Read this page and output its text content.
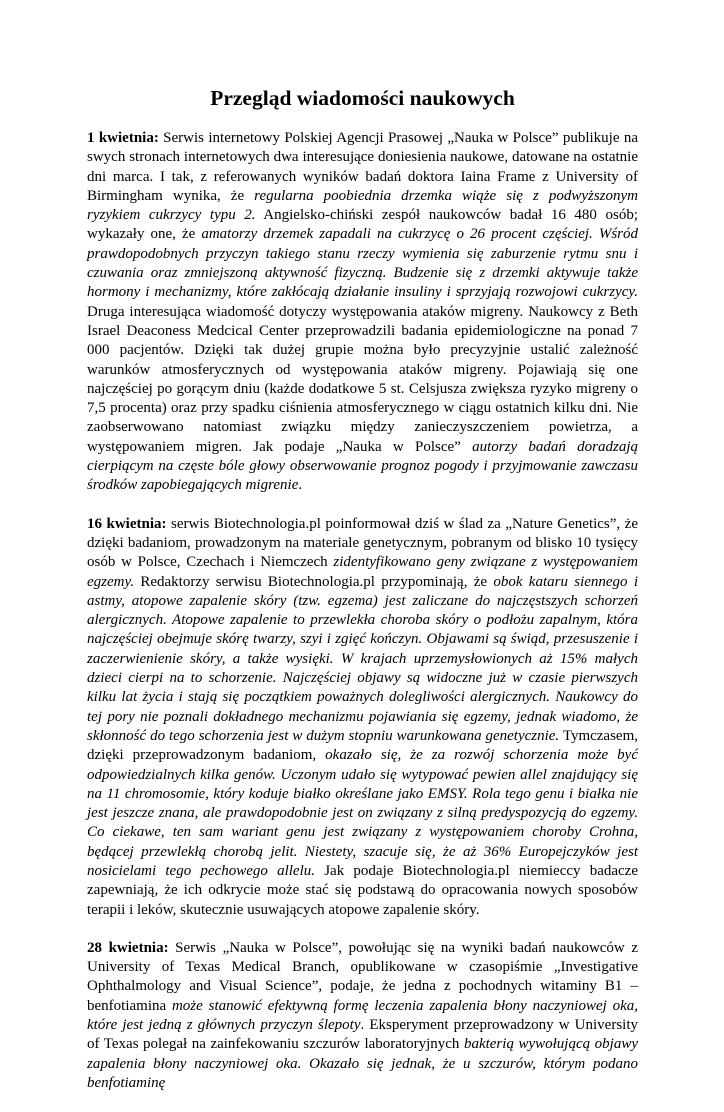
Przegląd wiadomości naukowych

1 kwietnia: Serwis internetowy Polskiej Agencji Prasowej „Nauka w Polsce” publikuje na swych stronach internetowych dwa interesujące doniesienia naukowe, datowane na ostatnie dni marca. I tak, z referowanych wyników badań doktora Iaina Frame z University of Birmingham wynika, że regularna poobiednia drzemka wiąże się z podwyższonym ryzykiem cukrzycy typu 2. Angielsko-chiński zespół naukowców badał 16 480 osób; wykazały one, że amatorzy drzemek zapadali na cukrzycę o 26 procent częściej. Wśród prawdopodobnych przyczyn takiego stanu rzeczy wymienia się zaburzenie rytmu snu i czuwania oraz zmniejszoną aktywność fizyczną. Budzenie się z drzemki aktywuje także hormony i mechanizmy, które zakłócają działanie insuliny i sprzyjają rozwojowi cukrzycy. Druga interesująca wiadomość dotyczy występowania ataków migreny. Naukowcy z Beth Israel Deaconess Medcical Center przeprowadzili badania epidemiologiczne na ponad 7 000 pacjentów. Dzięki tak dużej grupie można było precyzyjnie ustalić zależność warunków atmosferycznych od występowania ataków migreny. Pojawiają się one najczęściej po gorącym dniu (każde dodatkowe 5 st. Celsjusza zwiększa ryzyko migreny o 7,5 procenta) oraz przy spadku ciśnienia atmosferycznego w ciągu ostatnich kilku dni. Nie zaobserwowano natomiast związku między zanieczyszczeniem powietrza, a występowaniem migren. Jak podaje „Nauka w Polsce” autorzy badań doradzają cierpiącym na częste bóle głowy obserwowanie prognoz pogody i przyjmowanie zawczasu środków zapobiegających migrenie.

16 kwietnia: serwis Biotechnologia.pl poinformował dziś w ślad za „Nature Genetics”, że dzięki badaniom, prowadzonym na materiale genetycznym, pobranym od blisko 10 tysięcy osób w Polsce, Czechach i Niemczech zidentyfikowano geny związane z występowaniem egzemy. Redaktorzy serwisu Biotechnologia.pl przypominają, że obok kataru siennego i astmy, atopowe zapalenie skóry (tzw. egzema) jest zaliczane do najczęstszych schorzeń alergicznych. Atopowe zapalenie to przewlekła choroba skóry o podłożu zapalnym, która najczęściej obejmuje skórę twarzy, szyi i zgięć kończyn. Objawami są świąd, przesuszenie i zaczerwienienie skóry, a także wysięki. W krajach uprzemysłowionych aż 15% małych dzieci cierpi na to schorzenie. Najczęściej objawy są widoczne już w czasie pierwszych kilku lat życia i stają się początkiem poważnych dolegliwości alergicznych. Naukowcy do tej pory nie poznali dokładnego mechanizmu pojawiania się egzemy, jednak wiadomo, że skłonność do tego schorzenia jest w dużym stopniu warunkowana genetycznie. Tymczasem, dzięki przeprowadzonym badaniom, okazało się, że za rozwój schorzenia może być odpowiedzialnych kilka genów. Uczonym udało się wytypować pewien allel znajdujący się na 11 chromosomie, który koduje białko określane jako EMSY. Rola tego genu i białka nie jest jeszcze znana, ale prawdopodobnie jest on związany z silną predyspozycją do egzemy. Co ciekawe, ten sam wariant genu jest związany z występowaniem choroby Crohna, będącej przewlekłą chorobą jelit. Niestety, szacuje się, że aż 36% Europejczyków jest nosicielami tego pechowego allelu. Jak podaje Biotechnologia.pl niemieccy badacze zapewniają, że ich odkrycie może stać się podstawą do opracowania nowych sposobów terapii i leków, skutecznie usuwających atopowe zapalenie skóry.

28 kwietnia: Serwis „Nauka w Polsce”, powołując się na wyniki badań naukowców z University of Texas Medical Branch, opublikowane w czasopiśmie „Investigative Ophthalmology and Visual Science”, podaje, że jedna z pochodnych witaminy B1 – benfotiamina może stanowić efektywną formę leczenia zapalenia błony naczyniowej oka, które jest jedną z głównych przyczyn ślepoty. Eksperyment przeprowadzony w University of Texas polegał na zainfekowaniu szczurów laboratoryjnych bakterią wywołującą objawy zapalenia błony naczyniowej oka. Okazało się jednak, że u szczurów, którym podano benfotiaminę
